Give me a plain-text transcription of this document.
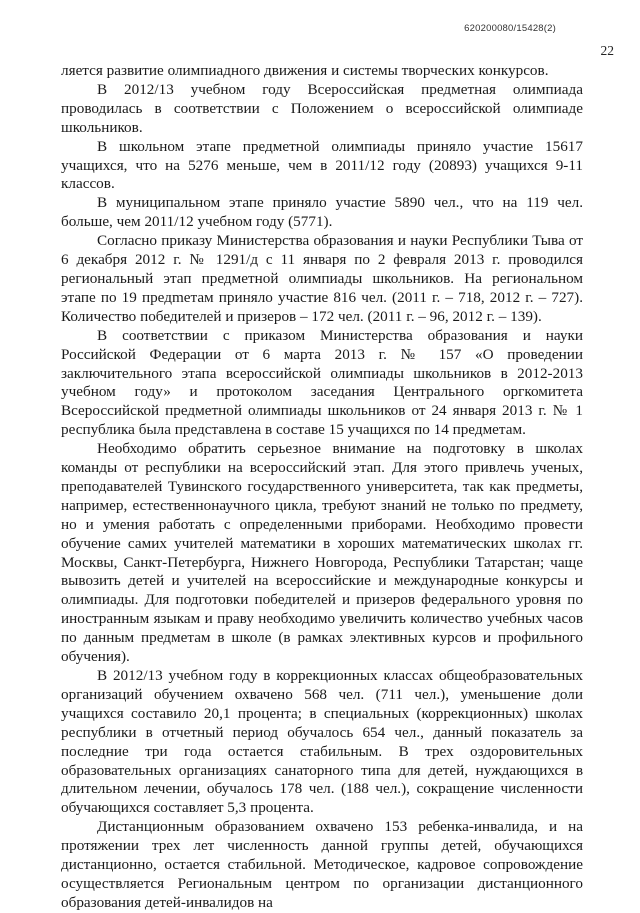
620200080/15428(2)
22

ляется развитие олимпиадного движения и системы творческих конкурсов.

В 2012/13 учебном году Всероссийская предметная олимпиада проводилась в соответствии с Положением о всероссийской олимпиаде школьников.

В школьном этапе предметной олимпиады приняло участие 15617 учащихся, что на 5276 меньше, чем в 2011/12 году (20893) учащихся 9-11 классов.

В муниципальном этапе приняло участие 5890 чел., что на 119 чел. больше, чем 2011/12 учебном году (5771).

Согласно приказу Министерства образования и науки Республики Тыва от 6 декабря 2012 г. № 1291/д с 11 января по 2 февраля 2013 г. проводился региональный этап предметной олимпиады школьников. На региональном этапе по 19 предmетам приняло участие 816 чел. (2011 г. – 718, 2012 г. – 727). Количество победителей и призеров – 172 чел. (2011 г. – 96, 2012 г. – 139).

В соответствии с приказом Министерства образования и науки Российской Федерации от 6 марта 2013 г. № 157 «О проведении заключительного этапа всероссийской олимпиады школьников в 2012-2013 учебном году» и протоколом заседания Центрального оргкомитета Всероссийской предметной олимпиады школьников от 24 января 2013 г. № 1 республика была представлена в составе 15 учащихся по 14 предметам.

Необходимо обратить серьезное внимание на подготовку в школах команды от республики на всероссийский этап. Для этого привлечь ученых, преподавателей Тувинского государственного университета, так как предметы, например, естественнонаучного цикла, требуют знаний не только по предмету, но и умения работать с определенными приборами. Необходимо провести обучение самих учителей математики в хороших математических школах гг. Москвы, Санкт-Петербурга, Нижнего Новгорода, Республики Татарстан; чаще вывозить детей и учителей на всероссийские и международные конкурсы и олимпиады. Для подготовки победителей и призеров федерального уровня по иностранным языкам и праву необходимо увеличить количество учебных часов по данным предметам в школе (в рамках элективных курсов и профильного обучения).

В 2012/13 учебном году в коррекционных классах общеобразовательных организаций обучением охвачено 568 чел. (711 чел.), уменьшение доли учащихся составило 20,1 процента; в специальных (коррекционных) школах республики в отчетный период обучалось 654 чел., данный показатель за последние три года остается стабильным. В трех оздоровительных образовательных организациях санаторного типа для детей, нуждающихся в длительном лечении, обучалось 178 чел. (188 чел.), сокращение численности обучающихся составляет 5,3 процента.

Дистанционным образованием охвачено 153 ребенка-инвалида, и на протяжении трех лет численность данной группы детей, обучающихся дистанционно, остается стабильной. Методическое, кадровое сопровождение осуществляется Региональным центром по организации дистанционного образования детей-инвалидов на
